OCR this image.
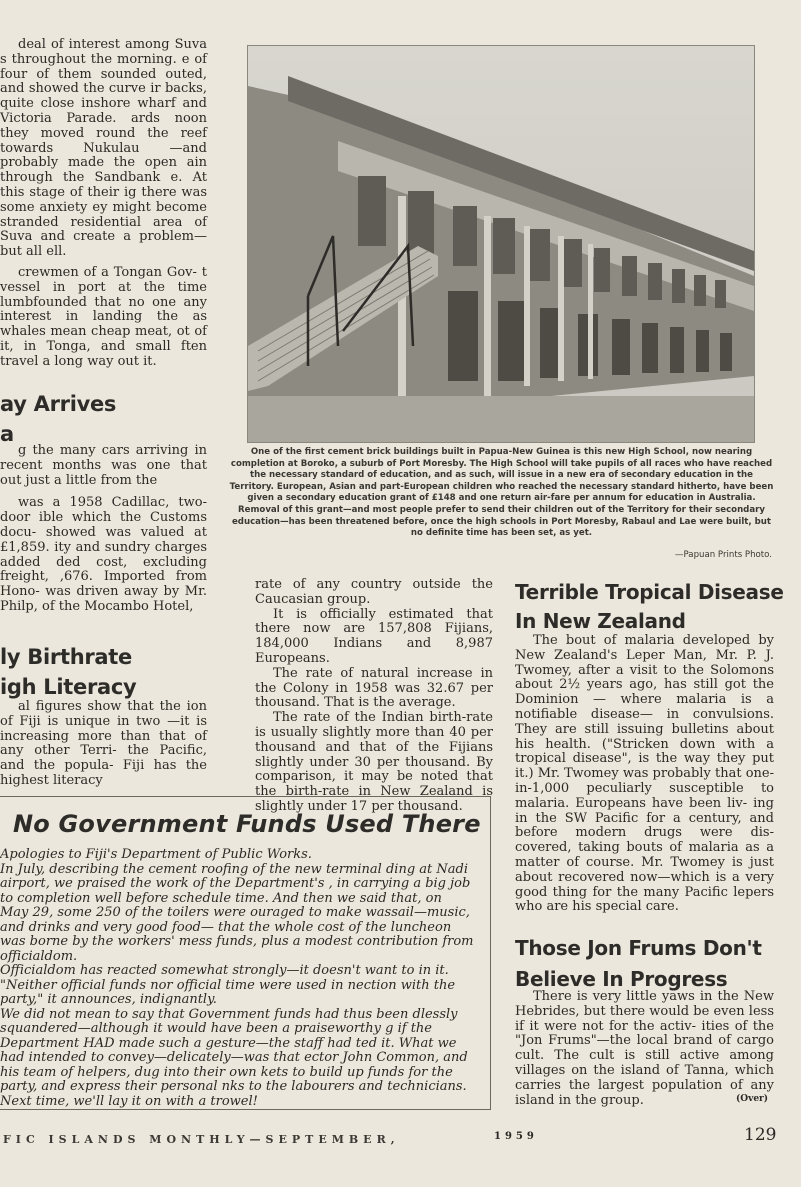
deal of interest among Suva s throughout the morning. e of four of them sounded outed, and showed the curve ir backs, quite close inshore wharf and Victoria Parade. ards noon they moved round the reef towards Nukulau —and probably made the open ain through the Sandbank e. At this stage of their ig there was some anxiety ey might become stranded residential area of Suva and create a problem—but all ell.

crewmen of a Tongan Gov- t vessel in port at the time lumbfounded that no one any interest in landing the as whales mean cheap meat, ot of it, in Tonga, and small ften travel a long way out it.

ay Arrives
a

g the many cars arriving in recent months was one that out just a little from the

was a 1958 Cadillac, two-door ible which the Customs docu- showed was valued at £1,859. ity and sundry charges added ded cost, excluding freight, ,676. Imported from Hono- was driven away by Mr. Philp, of the Mocambo Hotel,

ly Birthrate
igh Literacy

al figures show that the ion of Fiji is unique in two —it is increasing more than that of any other Terri- the Pacific, and the popula- Fiji has the highest literacy

One of the first cement brick buildings built in Papua-New Guinea is this new High School, now nearing completion at Boroko, a suburb of Port Moresby. The High School will take pupils of all races who have reached the necessary standard of education, and as such, will issue in a new era of secondary education in the Territory. European, Asian and part-European children who reached the necessary standard hitherto, have been given a secondary education grant of £148 and one return air-fare per annum for education in Australia. Removal of this grant—and most people prefer to send their children out of the Territory for their secondary education—has been threatened before, once the high schools in Port Moresby, Rabaul and Lae were built, but no definite time has been set, as yet.
—Papuan Prints Photo.

rate of any country outside the Caucasian group.

It is officially estimated that there now are 157,808 Fijians, 184,000 Indians and 8,987 Europeans.

The rate of natural increase in the Colony in 1958 was 32.67 per thousand. That is the average.

The rate of the Indian birth-rate is usually slightly more than 40 per thousand and that of the Fijians slightly under 30 per thousand. By comparison, it may be noted that the birth-rate in New Zealand is slightly under 17 per thousand.

Terrible Tropical Disease
In New Zealand

The bout of malaria developed by New Zealand's Leper Man, Mr. P. J. Twomey, after a visit to the Solomons about 2½ years ago, has still got the Dominion — where malaria is a notifiable disease— in convulsions. They are still issuing bulletins about his health. ("Stricken down with a tropical disease", is the way they put it.) Mr. Twomey was probably that one-in-1,000 peculiarly susceptible to malaria. Europeans have been liv- ing in the SW Pacific for a century, and before modern drugs were dis- covered, taking bouts of malaria as a matter of course. Mr. Twomey is just about recovered now—which is a very good thing for the many Pacific lepers who are his special care.

Those Jon Frums Don't
Believe In Progress

There is very little yaws in the New Hebrides, but there would be even less if it were not for the activ- ities of the "Jon Frums"—the local brand of cargo cult. The cult is still active among villages on the island of Tanna, which carries the largest population of any island in the group.	(Over)
No Government Funds Used There

Apologies to Fiji's Department of Public Works.

In July, describing the cement roofing of the new terminal ding at Nadi airport, we praised the work of the Department's , in carrying a big job to completion well before schedule time. And then we said that, on May 29, some 250 of the toilers were ouraged to make wassail—music, and drinks and very good food— that the whole cost of the luncheon was borne by the workers' mess funds, plus a modest contribution from officialdom.

Officialdom has reacted somewhat strongly—it doesn't want to in it. "Neither official funds nor official time were used in nection with the party," it announces, indignantly.

We did not mean to say that Government funds had thus been dlessly squandered—although it would have been a praiseworthy g if the Department HAD made such a gesture—the staff had ted it. What we had intended to convey—delicately—was that ector John Common, and his team of helpers, dug into their own kets to build up funds for the party, and express their personal nks to the labourers and technicians.

Next time, we'll lay it on with a trowel!

FIC ISLANDS MONTHLY—SEPTEMBER,	1959	129
